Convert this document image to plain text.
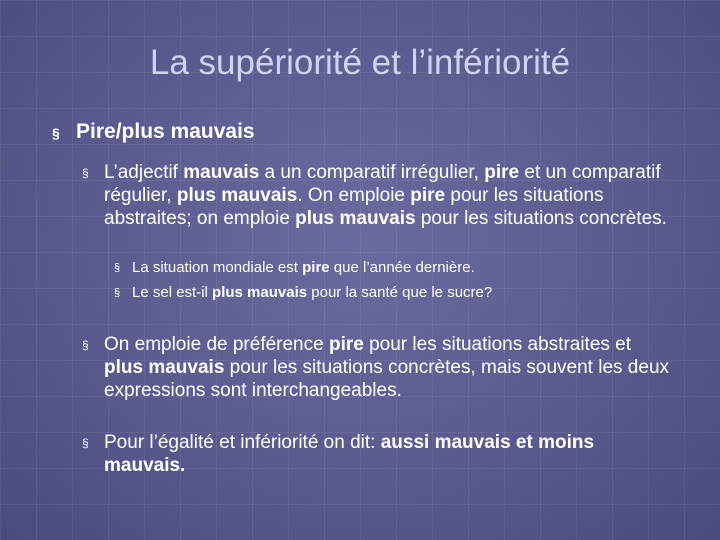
La supériorité et l’infériorité
§ Pire/plus mauvais
§ L’adjectif mauvais a un comparatif irrégulier, pire et un comparatif régulier, plus mauvais. On emploie pire pour les situations abstraites; on emploie plus mauvais pour les situations concrètes.
§ La situation mondiale est pire que l’année dernière.
§ Le sel est-il plus mauvais pour la santé que le sucre?
§ On emploie de préférence pire pour les situations abstraites et plus mauvais pour les situations concrètes, mais souvent les deux expressions sont interchangeables.
§ Pour l’égalité et infériorité on dit: aussi mauvais et moins mauvais.
